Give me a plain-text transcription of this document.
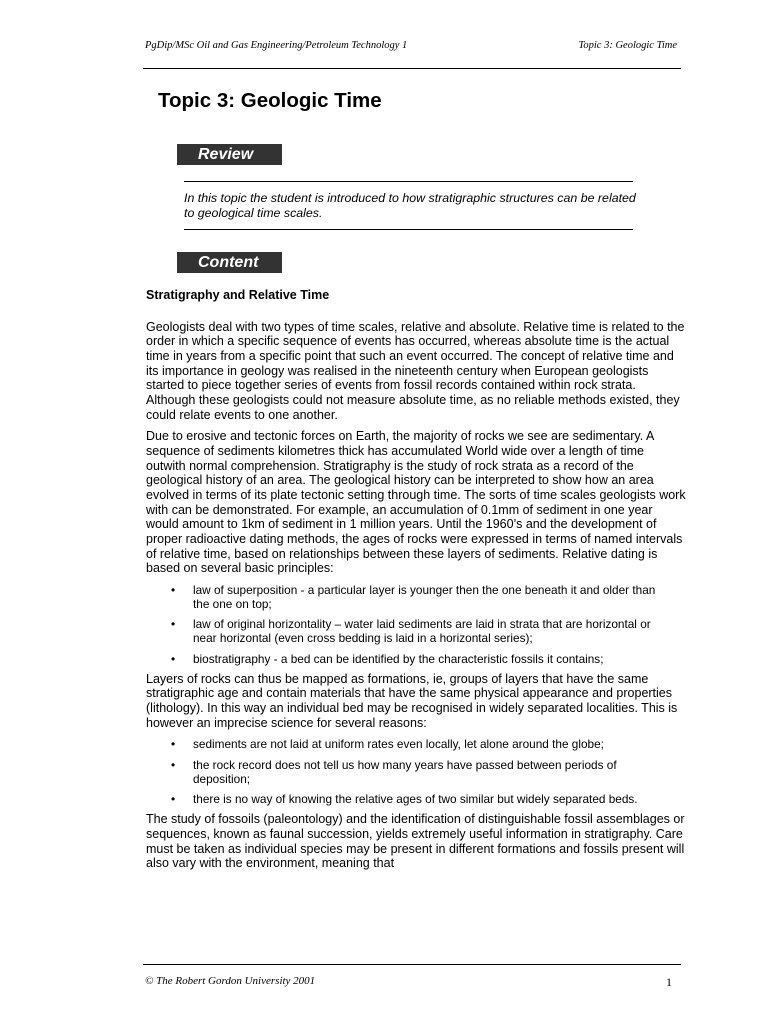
PgDip/MSc Oil and Gas Engineering/Petroleum Technology 1	Topic 3: Geologic Time
Topic 3: Geologic Time
Review

In this topic the student is introduced to how stratigraphic structures can be related to geological time scales.

Content
Stratigraphy and Relative Time

Geologists deal with two types of time scales, relative and absolute. Relative time is related to the order in which a specific sequence of events has occurred, whereas absolute time is the actual time in years from a specific point that such an event occurred. The concept of relative time and its importance in geology was realised in the nineteenth century when European geologists started to piece together series of events from fossil records contained within rock strata. Although these geologists could not measure absolute time, as no reliable methods existed, they could relate events to one another.

Due to erosive and tectonic forces on Earth, the majority of rocks we see are sedimentary. A sequence of sediments kilometres thick has accumulated World wide over a length of time outwith normal comprehension. Stratigraphy is the study of rock strata as a record of the geological history of an area. The geological history can be interpreted to show how an area evolved in terms of its plate tectonic setting through time. The sorts of time scales geologists work with can be demonstrated. For example, an accumulation of 0.1mm of sediment in one year would amount to 1km of sediment in 1 million years. Until the 1960’s and the development of proper radioactive dating methods, the ages of rocks were expressed in terms of named intervals of relative time, based on relationships between these layers of sediments. Relative dating is based on several basic principles:

• law of superposition - a particular layer is younger then the one beneath it and older than the one on top;
• law of original horizontality – water laid sediments are laid in strata that are horizontal or near horizontal (even cross bedding is laid in a horizontal series);
• biostratigraphy - a bed can be identified by the characteristic fossils it contains;

Layers of rocks can thus be mapped as formations, ie, groups of layers that have the same stratigraphic age and contain materials that have the same physical appearance and properties (lithology). In this way an individual bed may be recognised in widely separated localities. This is however an imprecise science for several reasons:

• sediments are not laid at uniform rates even locally, let alone around the globe;
• the rock record does not tell us how many years have passed between periods of deposition;
• there is no way of knowing the relative ages of two similar but widely separated beds.

The study of fossoils (paleontology) and the identification of distinguishable fossil assemblages or sequences, known as faunal succession, yields extremely useful information in stratigraphy. Care must be taken as individual species may be present in different formations and fossils present will also vary with the environment, meaning that

© The Robert Gordon University 2001	1
